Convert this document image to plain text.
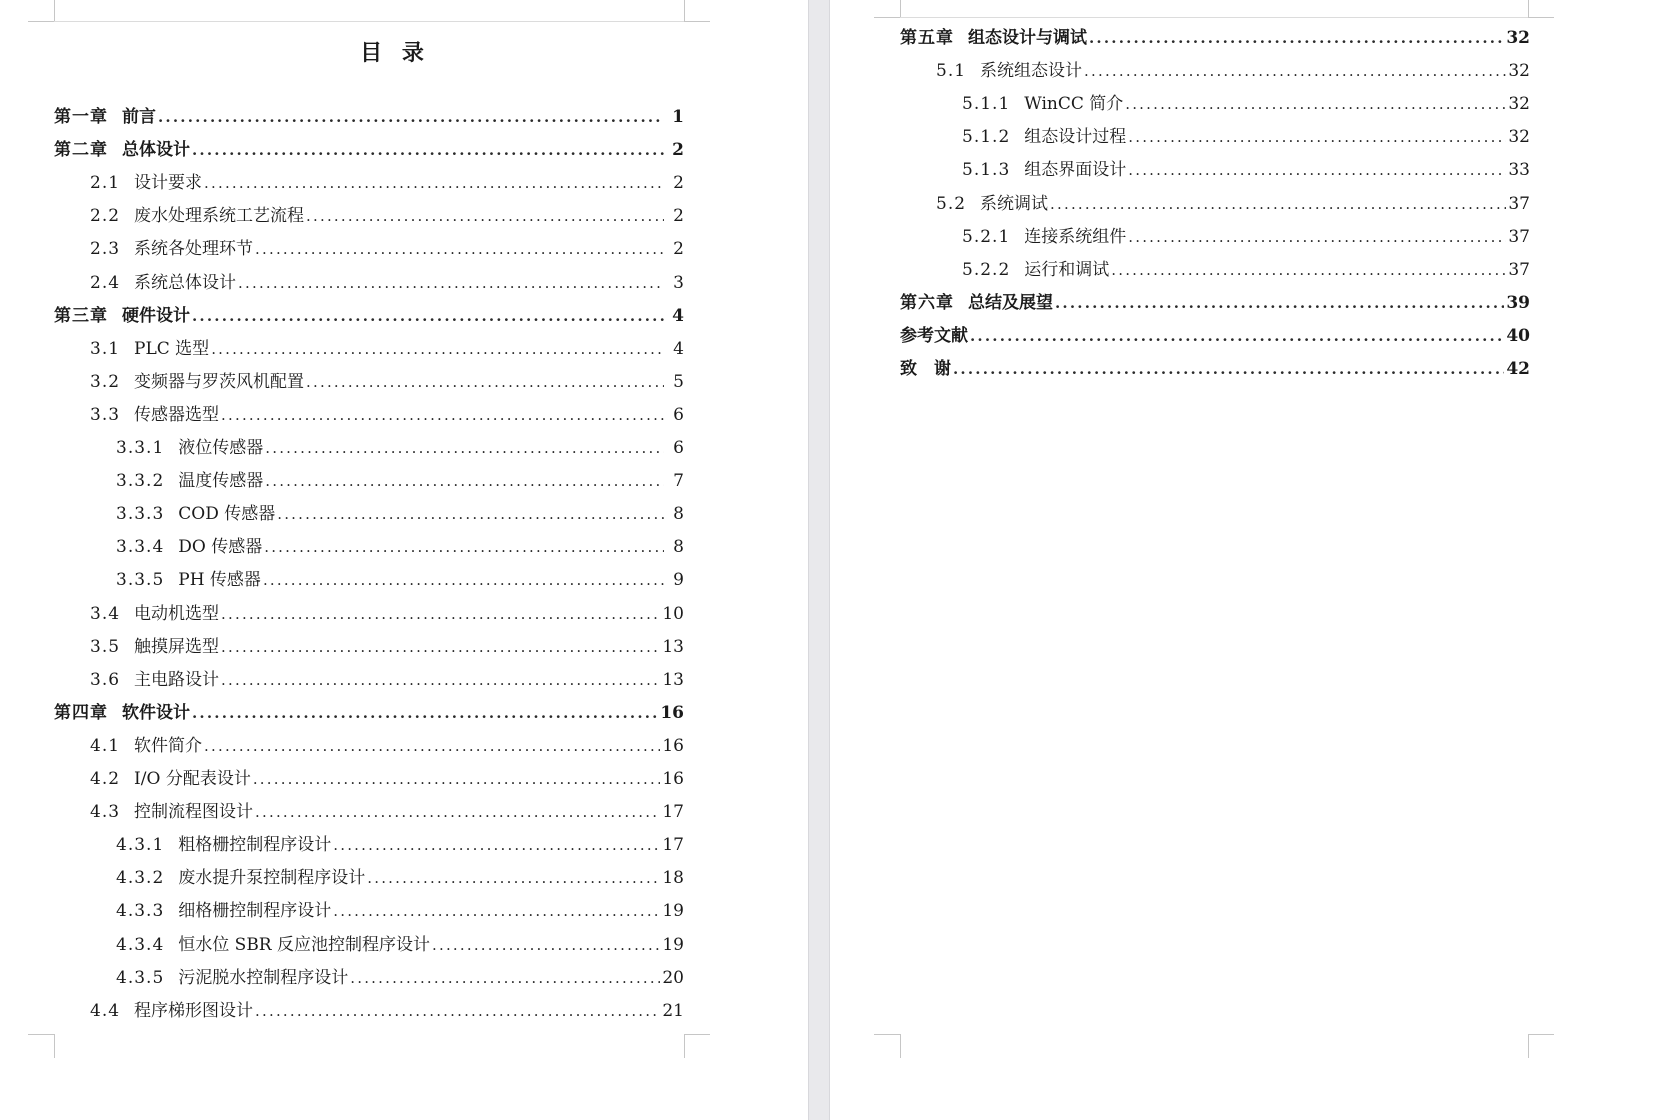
目 录
第一章 前言 .....	1
第二章 总体设计 .....	2
2.1 设计要求 .....	2
2.2 废水处理系统工艺流程 .....	2
2.3 系统各处理环节 .....	2
2.4 系统总体设计 .....	3
第三章 硬件设计 .....	4
3.1 PLC 选型 .....	4
3.2 变频器与罗茨风机配置 .....	5
3.3 传感器选型 .....	6
3.3.1 液位传感器 .....	6
3.3.2 温度传感器 .....	7
3.3.3 COD 传感器 .....	8
3.3.4 DO 传感器 .....	8
3.3.5 PH 传感器 .....	9
3.4 电动机选型 .....	10
3.5 触摸屏选型 .....	13
3.6 主电路设计 .....	13
第四章 软件设计 .....	16
4.1 软件简介 .....	16
4.2 I/O 分配表设计 .....	16
4.3 控制流程图设计 .....	17
4.3.1 粗格栅控制程序设计 .....	17
4.3.2 废水提升泵控制程序设计 .....	18
4.3.3 细格栅控制程序设计 .....	19
4.3.4 恒水位 SBR 反应池控制程序设计 .....	19
4.3.5 污泥脱水控制程序设计 .....	20
4.4 程序梯形图设计 .....	21
第五章 组态设计与调试 .....	32
5.1 系统组态设计 .....	32
5.1.1 WinCC 简介 .....	32
5.1.2 组态设计过程 .....	32
5.1.3 组态界面设计 .....	33
5.2 系统调试 .....	37
5.2.1 连接系统组件 .....	37
5.2.2 运行和调试 .....	37
第六章 总结及展望 .....	39
参考文献 .....	40
致　谢 .....	42
